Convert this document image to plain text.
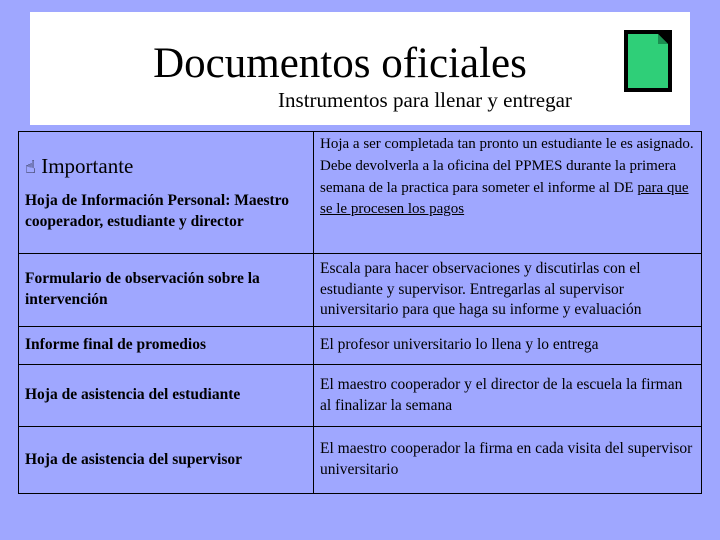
Documentos oficiales
Instrumentos para llenar y entregar
☝ Importante
Hoja de Información Personal: Maestro cooperador, estudiante y director	Hoja a ser completada tan pronto un estudiante le es asignado. Debe devolverla a la oficina del PPMES durante la primera semana de la practica para someter el informe al DE para que se le procesen los pagos
Formulario de observación sobre la intervención	Escala para hacer observaciones y discutirlas con el estudiante y supervisor. Entregarlas al supervisor universitario para que haga su informe y evaluación
Informe final de promedios	El profesor universitario lo llena y lo entrega
Hoja de asistencia del estudiante	El maestro cooperador y el director de la escuela la firman al finalizar la semana
Hoja de asistencia del supervisor	El maestro cooperador la firma en cada visita del supervisor universitario
